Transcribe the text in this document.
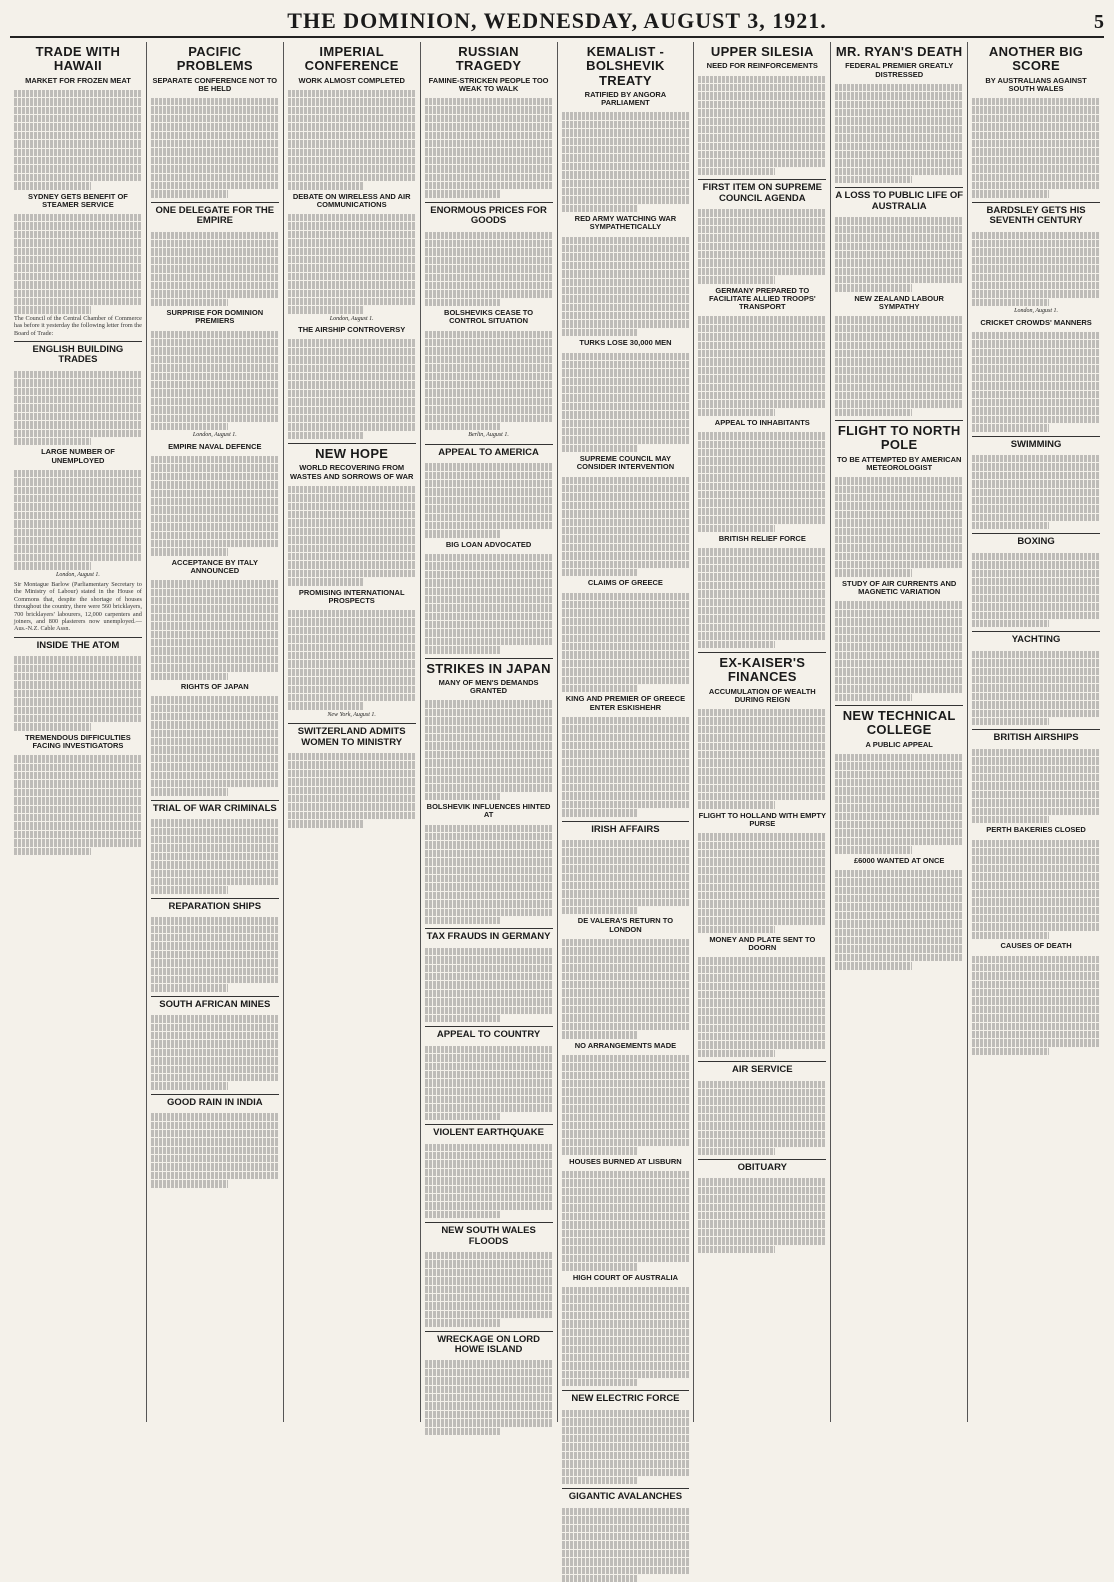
THE DOMINION, WEDNESDAY, AUGUST 3, 1921.	5
TRADE WITH HAWAII
MARKET FOR FROZEN MEAT
SYDNEY GETS BENEFIT OF STEAMER SERVICE
The Council of the Central Chamber of Commerce has before it yesterday the following letter from the Board of Trade:
ENGLISH BUILDING TRADES
LARGE NUMBER OF UNEMPLOYED
London, August 1.
Sir Montague Barlow (Parliamentary Secretary to the Ministry of Labour) stated in the House of Commons that, despite the shortage of houses throughout the country, there were 560 bricklayers, 700 bricklayers' labourers, 12,000 carpenters and joiners, and 800 plasterers now unemployed.—Aus.-N.Z. Cable Assn.
INSIDE THE ATOM
TREMENDOUS DIFFICULTIES FACING INVESTIGATORS
PACIFIC PROBLEMS
SEPARATE CONFERENCE NOT TO BE HELD
ONE DELEGATE FOR THE EMPIRE
SURPRISE FOR DOMINION PREMIERS
London, August 1.
EMPIRE NAVAL DEFENCE
ACCEPTANCE BY ITALY ANNOUNCED
RIGHTS OF JAPAN
TRIAL OF WAR CRIMINALS
REPARATION SHIPS
SOUTH AFRICAN MINES
GOOD RAIN IN INDIA
IMPERIAL CONFERENCE
WORK ALMOST COMPLETED
DEBATE ON WIRELESS AND AIR COMMUNICATIONS
London, August 1.
THE AIRSHIP CONTROVERSY
NEW HOPE
WORLD RECOVERING FROM WASTES AND SORROWS OF WAR
PROMISING INTERNATIONAL PROSPECTS
New York, August 1.
SWITZERLAND ADMITS WOMEN TO MINISTRY
RUSSIAN TRAGEDY
FAMINE-STRICKEN PEOPLE TOO WEAK TO WALK
ENORMOUS PRICES FOR GOODS
BOLSHEVIKS CEASE TO CONTROL SITUATION
Berlin, August 1.
APPEAL TO AMERICA
BIG LOAN ADVOCATED
STRIKES IN JAPAN
MANY OF MEN'S DEMANDS GRANTED
BOLSHEVIK INFLUENCES HINTED AT
TAX FRAUDS IN GERMANY
APPEAL TO COUNTRY
VIOLENT EARTHQUAKE
NEW SOUTH WALES FLOODS
WRECKAGE ON LORD HOWE ISLAND
KEMALIST - BOLSHEVIK TREATY
RATIFIED BY ANGORA PARLIAMENT
RED ARMY WATCHING WAR SYMPATHETICALLY
TURKS LOSE 30,000 MEN
SUPREME COUNCIL MAY CONSIDER INTERVENTION
CLAIMS OF GREECE
KING AND PREMIER OF GREECE ENTER ESKISHEHR
IRISH AFFAIRS
DE VALERA'S RETURN TO LONDON
NO ARRANGEMENTS MADE
HOUSES BURNED AT LISBURN
HIGH COURT OF AUSTRALIA
NEW ELECTRIC FORCE
GIGANTIC AVALANCHES
UPPER SILESIA
NEED FOR REINFORCEMENTS
FIRST ITEM ON SUPREME COUNCIL AGENDA
GERMANY PREPARED TO FACILITATE ALLIED TROOPS' TRANSPORT
APPEAL TO INHABITANTS
BRITISH RELIEF FORCE
EX-KAISER'S FINANCES
ACCUMULATION OF WEALTH DURING REIGN
FLIGHT TO HOLLAND WITH EMPTY PURSE
MONEY AND PLATE SENT TO DOORN
AIR SERVICE
OBITUARY
MR. RYAN'S DEATH
FEDERAL PREMIER GREATLY DISTRESSED
A LOSS TO PUBLIC LIFE OF AUSTRALIA
NEW ZEALAND LABOUR SYMPATHY
FLIGHT TO NORTH POLE
TO BE ATTEMPTED BY AMERICAN METEOROLOGIST
STUDY OF AIR CURRENTS AND MAGNETIC VARIATION
NEW TECHNICAL COLLEGE
A PUBLIC APPEAL
£6000 WANTED AT ONCE
ANOTHER BIG SCORE
BY AUSTRALIANS AGAINST SOUTH WALES
BARDSLEY GETS HIS SEVENTH CENTURY
London, August 1.
CRICKET CROWDS' MANNERS
SWIMMING
BOXING
YACHTING
BRITISH AIRSHIPS
PERTH BAKERIES CLOSED
CAUSES OF DEATH
